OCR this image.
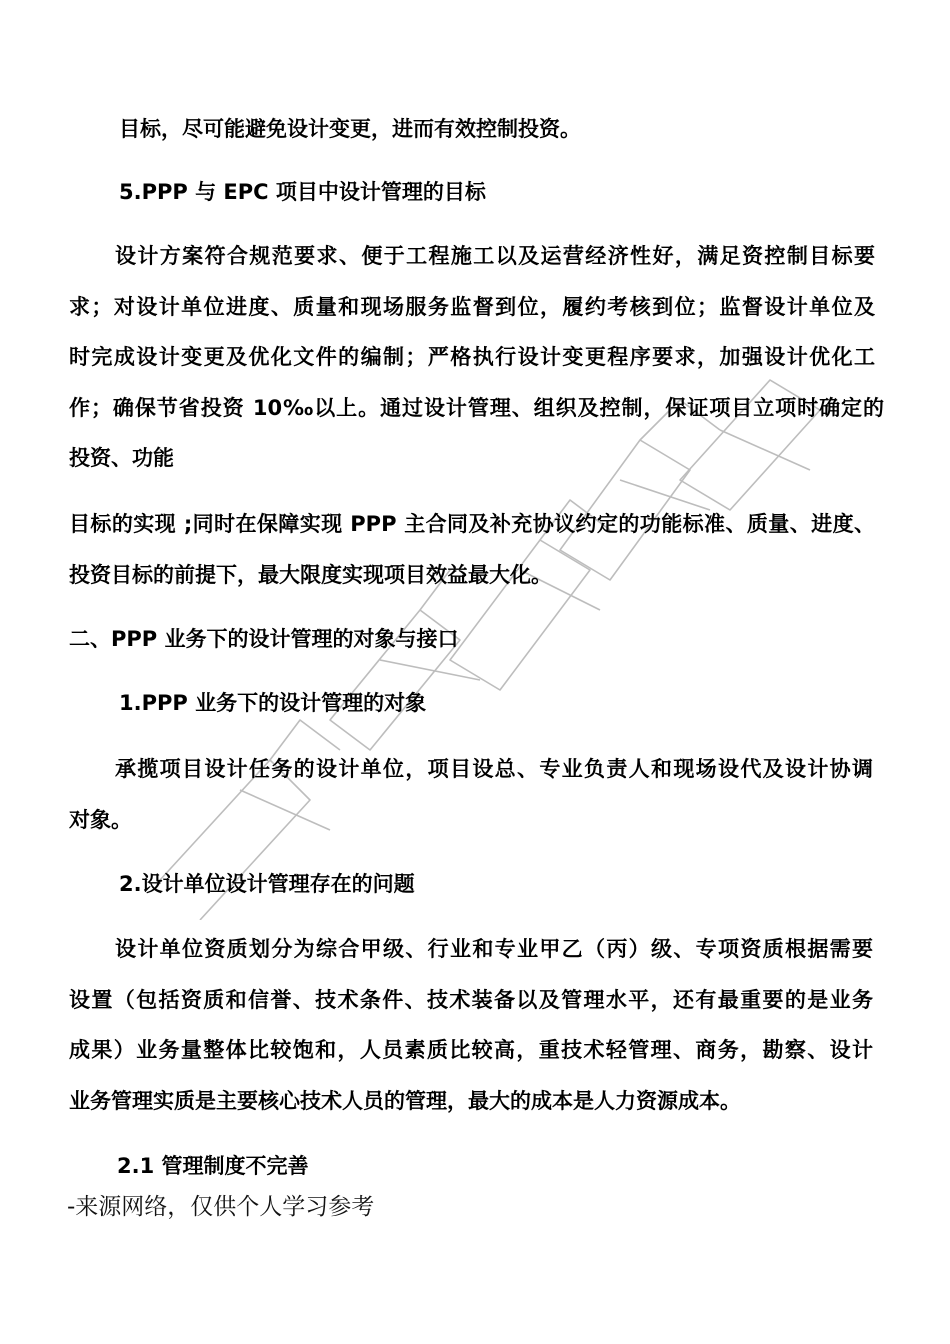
目标，尽可能避免设计变更，进而有效控制投资。
5.PPP 与 EPC 项目中设计管理的目标
设计方案符合规范要求、便于工程施工以及运营经济性好，满足资控制目标要
求；对设计单位进度、质量和现场服务监督到位，履约考核到位；监督设计单位及
时完成设计变更及优化文件的编制；严格执行设计变更程序要求，加强设计优化工
作；确保节省投资 10‰以上。通过设计管理、组织及控制，保证项目立项时确定的
投资、功能
目标的实现 ;同时在保障实现 PPP 主合同及补充协议约定的功能标准、质量、进度、
投资目标的前提下，最大限度实现项目效益最大化。
二、PPP 业务下的设计管理的对象与接口
1.PPP 业务下的设计管理的对象
承揽项目设计任务的设计单位，项目设总、专业负责人和现场设代及设计协调
对象。
2.设计单位设计管理存在的问题
设计单位资质划分为综合甲级、行业和专业甲乙（丙）级、专项资质根据需要
设置（包括资质和信誉、技术条件、技术装备以及管理水平，还有最重要的是业务
成果）业务量整体比较饱和，人员素质比较高，重技术轻管理、商务，勘察、设计
业务管理实质是主要核心技术人员的管理，最大的成本是人力资源成本。
2.1 管理制度不完善
-来源网络，仅供个人学习参考
